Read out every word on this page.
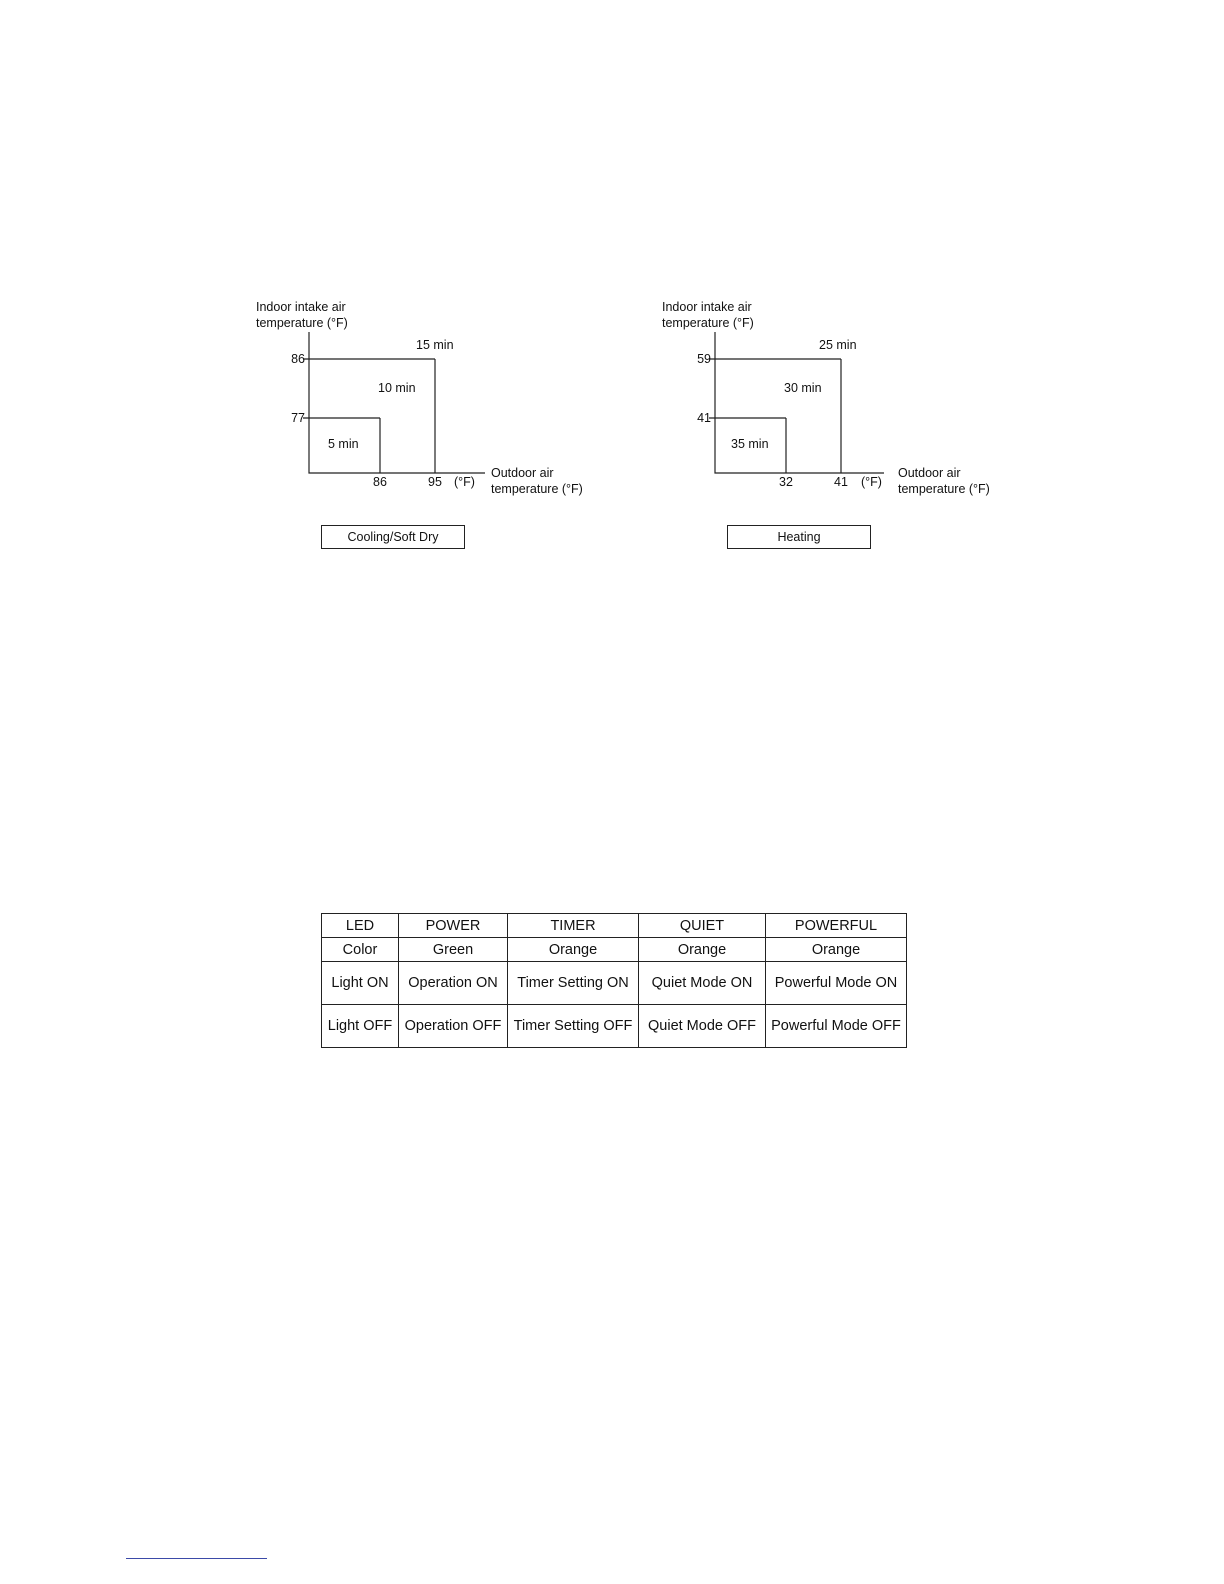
Indoor intake air
temperature (°F)
86
77
15 min
10 min
5 min
86	95 (°F)
Outdoor air
temperature (°F)
Cooling/Soft Dry
Indoor intake air
temperature (°F)
59
41
25 min
30 min
35 min
32	41	(°F)
Outdoor air
temperature (°F)
Heating
LED	POWER	TIMER	QUIET	POWERFUL
Color	Green	Orange	Orange	Orange
Light ON	Operation ON	Timer Setting ON	Quiet Mode ON	Powerful Mode ON
Light OFF	Operation OFF	Timer Setting OFF	Quiet Mode OFF	Powerful Mode OFF
